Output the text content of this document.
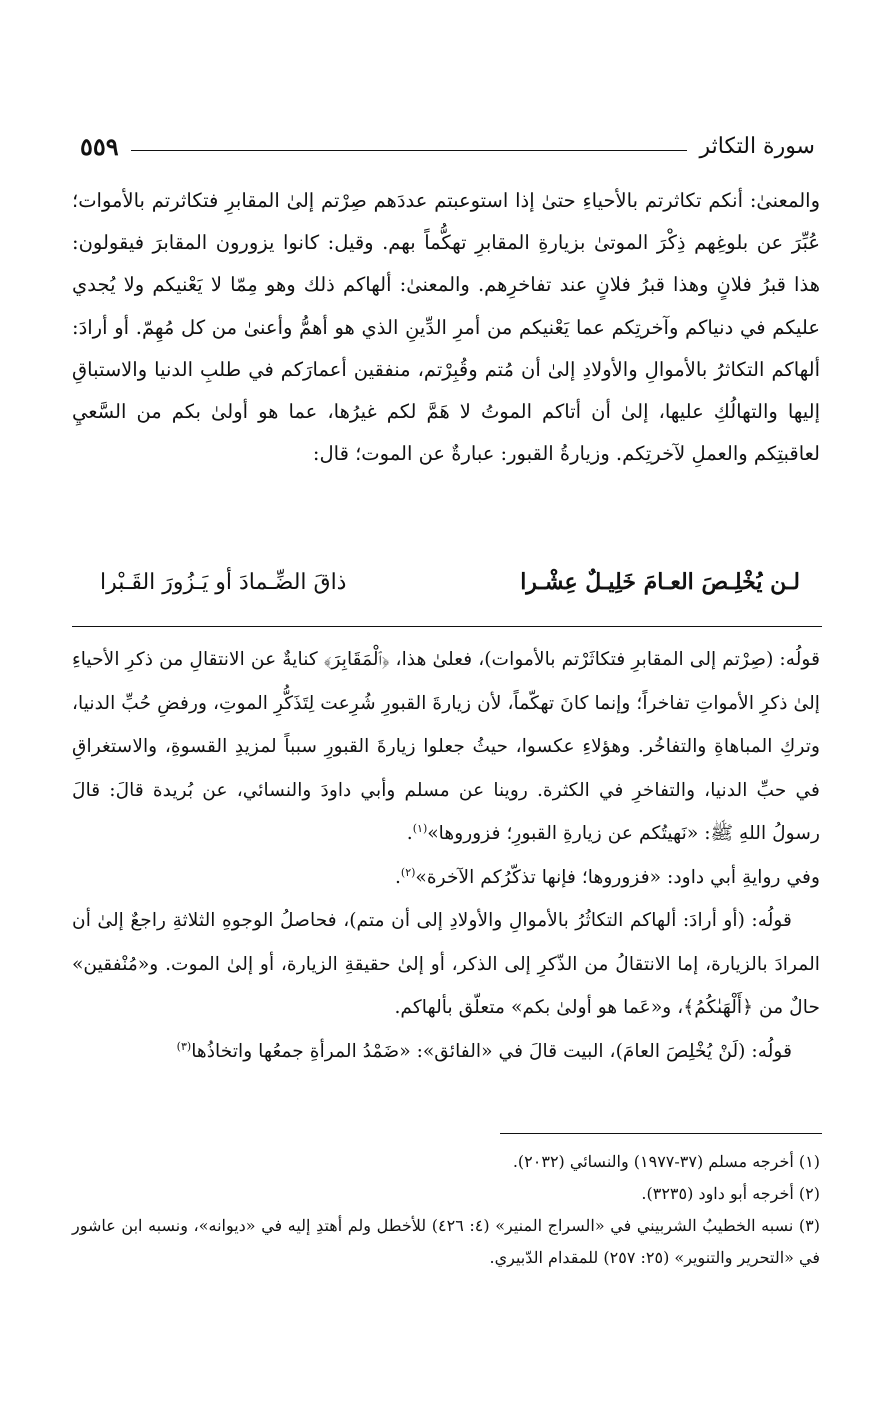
سورة التكاثر
٥٥٩

والمعنىٰ: أنكم تكاثرتم بالأحياءِ حتىٰ إذا استوعبتم عددَهم صِرْتم إلىٰ المقابرِ فتكاثرتم بالأموات؛ عُبِّرَ عن بلوغِهم ذِكْرَ الموتىٰ بزيارةِ المقابرِ تهكُّماً بهم. وقيل: كانوا يزورون المقابرَ فيقولون: هذا قبرُ فلانٍ وهذا قبرُ فلانٍ عند تفاخرِهم. والمعنىٰ: ألهاكم ذلك وهو مِمّا لا يَعْنيكم ولا يُجدي عليكم في دنياكم وآخرتِكم عما يَعْنيكم من أمرِ الدِّينِ الذي هو أهمُّ وأعنىٰ من كل مُهِمّ. أو أرادَ: ألهاكم التكاثرُ بالأموالِ والأولادِ إلىٰ أن مُتم وقُبِرْتم، منفقين أعمارَكم في طلبِ الدنيا والاستباقِ إليها والتهالُكِ عليها، إلىٰ أن أتاكم الموتُ لا هَمَّ لكم غيرُها، عما هو أولىٰ بكم من السَّعيِ لعاقبتِكم والعملِ لآخرتِكم. وزيارةُ القبور: عبارةٌ عن الموت؛ قال:

لـن يُخْلِـصَ العـامَ خَلِيـلٌ عِشْـرا
ذاقَ الضِّـمادَ أو يَـزُورَ القَـبْرا

قولُه: (صِرْتم إلى المقابرِ فتكاثَرْتم بالأموات)، فعلىٰ هذا، ﴿ٱلْمَقَابِرَ﴾ كنايةٌ عن الانتقالِ من ذكرِ الأحياءِ إلىٰ ذكرِ الأمواتِ تفاخراً؛ وإنما كانَ تهكّماً، لأن زيارةَ القبورِ شُرِعت لِتَذَكُّرِ الموتِ، ورفضِ حُبِّ الدنيا، وتركِ المباهاةِ والتفاخُر. وهؤلاءِ عكسوا، حيثُ جعلوا زيارةَ القبورِ سبباً لمزيدِ القسوةِ، والاستغراقِ في حبِّ الدنيا، والتفاخرِ في الكثرة. روينا عن مسلم وأبي داودَ والنسائي، عن بُريدة قالَ: قالَ رسولُ اللهِ ﷺ: «نَهيتُكم عن زيارةِ القبورِ؛ فزوروها»$^{(١)}$.

وفي روايةِ أبي داود: «فزوروها؛ فإنها تذكّرُكم الآخرة»$^{(٢)}$.

قولُه: (أو أرادَ: ألهاكم التكاثُرُ بالأموالِ والأولادِ إلى أن متم)، فحاصلُ الوجوهِ الثلاثةِ راجعٌ إلىٰ أن المرادَ بالزيارة، إما الانتقالُ من الذّكرِ إلى الذكر، أو إلىٰ حقيقةِ الزيارة، أو إلىٰ الموت. و«مُنْفقين» حالٌ من ﴿أَلْهَىٰكُمُ﴾، و«عَما هو أولىٰ بكم» متعلّق بألهاكم.

قولُه: (لَنْ يُخْلِصَ العامَ)، البيت قالَ في «الفائق»: «ضَمْدُ المرأةِ جمعُها واتخاذُها$^{(٣)}$

(١) أخرجه مسلم (٣٧-١٩٧٧) والنسائي (٢٠٣٢).

(٢) أخرجه أبو داود (٣٢٣٥).

(٣) نسبه الخطيبُ الشربيني في «السراج المنير» (٤: ٤٢٦) للأخطل ولم أهتدِ إليه في «ديوانه»، ونسبه ابن عاشور في «التحرير والتنوير» (٢٥: ٢٥٧) للمقدام الدّبيري.
